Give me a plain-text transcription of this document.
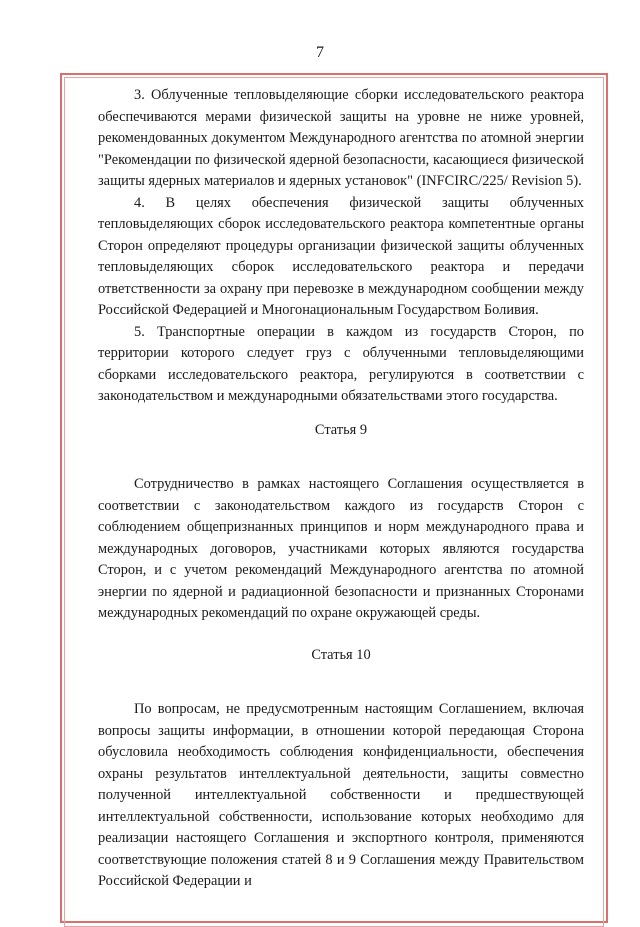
7

3. Облученные тепловыделяющие сборки исследовательского реактора обеспечиваются мерами физической защиты на уровне не ниже уровней, рекомендованных документом Международного агентства по атомной энергии "Рекомендации по физической ядерной безопасности, касающиеся физической защиты ядерных материалов и ядерных установок" (INFCIRC/225/ Revision 5).

4. В целях обеспечения физической защиты облученных тепловыделяющих сборок исследовательского реактора компетентные органы Сторон определяют процедуры организации физической защиты облученных тепловыделяющих сборок исследовательского реактора и передачи ответственности за охрану при перевозке в международном сообщении между Российской Федерацией и Многонациональным Государством Боливия.

5. Транспортные операции в каждом из государств Сторон, по территории которого следует груз с облученными тепловыделяющими сборками исследовательского реактора, регулируются в соответствии с законодательством и международными обязательствами этого государства.

Статья 9

Сотрудничество в рамках настоящего Соглашения осуществляется в соответствии с законодательством каждого из государств Сторон с соблюдением общепризнанных принципов и норм международного права и международных договоров, участниками которых являются государства Сторон, и с учетом рекомендаций Международного агентства по атомной энергии по ядерной и радиационной безопасности и признанных Сторонами международных рекомендаций по охране окружающей среды.

Статья 10

По вопросам, не предусмотренным настоящим Соглашением, включая вопросы защиты информации, в отношении которой передающая Сторона обусловила необходимость соблюдения конфиденциальности, обеспечения охраны результатов интеллектуальной деятельности, защиты совместно полученной интеллектуальной собственности и предшествующей интеллектуальной собственности, использование которых необходимо для реализации настоящего Соглашения и экспортного контроля, применяются соответствующие положения статей 8 и 9 Соглашения между Правительством Российской Федерации и
